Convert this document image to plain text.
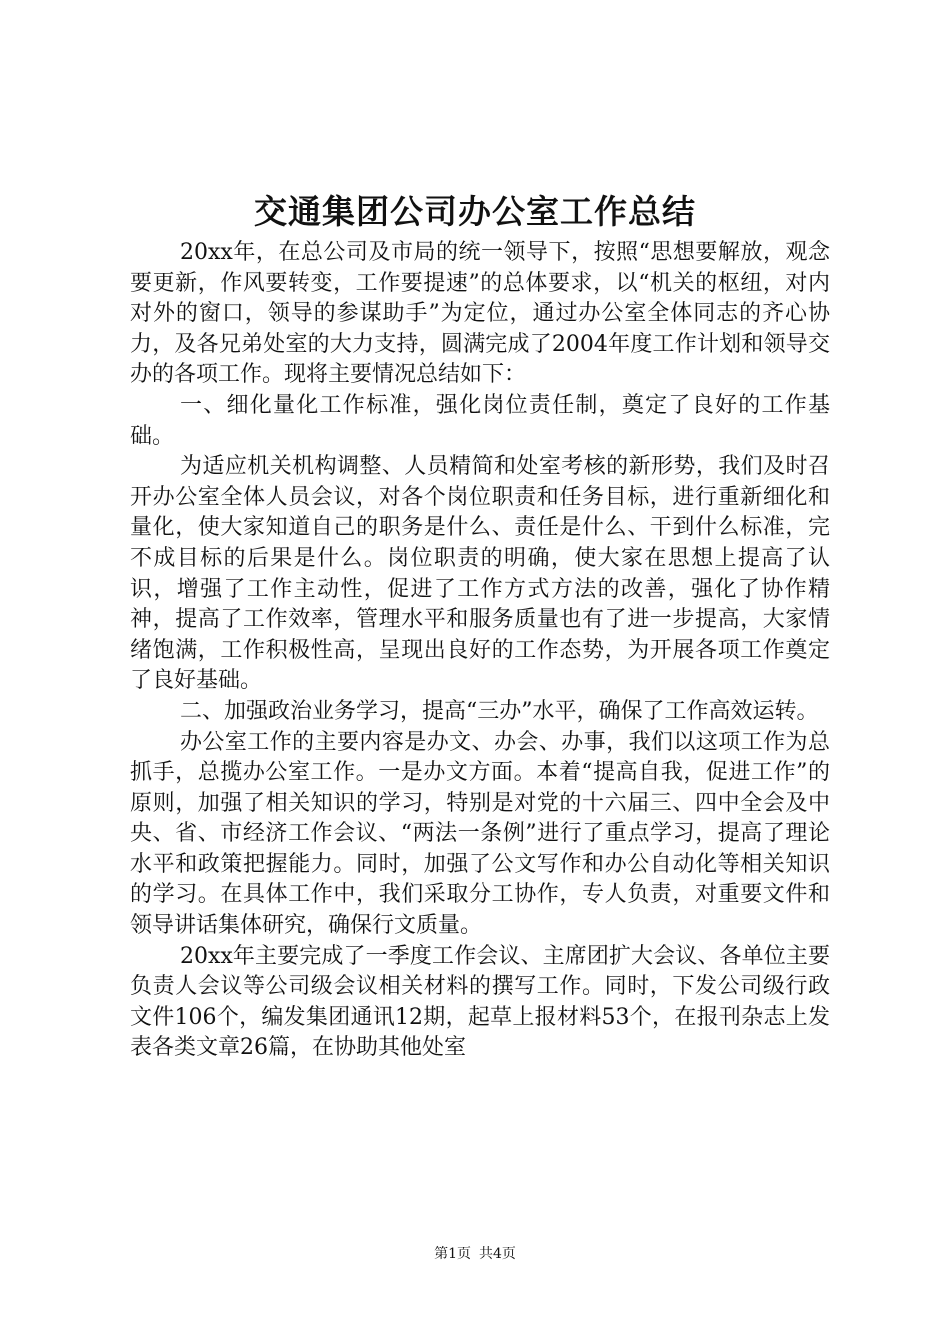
交通集团公司办公室工作总结

20xx年，在总公司及市局的统一领导下，按照“思想要解放，观念要更新，作风要转变，工作要提速”的总体要求，以“机关的枢纽，对内对外的窗口，领导的参谋助手”为定位，通过办公室全体同志的齐心协力，及各兄弟处室的大力支持，圆满完成了2004年度工作计划和领导交办的各项工作。现将主要情况总结如下：

一、细化量化工作标准，强化岗位责任制，奠定了良好的工作基础。

为适应机关机构调整、人员精简和处室考核的新形势，我们及时召开办公室全体人员会议，对各个岗位职责和任务目标，进行重新细化和量化，使大家知道自己的职务是什么、责任是什么、干到什么标准，完不成目标的后果是什么。岗位职责的明确，使大家在思想上提高了认识，增强了工作主动性，促进了工作方式方法的改善，强化了协作精神，提高了工作效率，管理水平和服务质量也有了进一步提高，大家情绪饱满，工作积极性高，呈现出良好的工作态势，为开展各项工作奠定了良好基础。

二、加强政治业务学习，提高“三办”水平，确保了工作高效运转。

办公室工作的主要内容是办文、办会、办事，我们以这项工作为总抓手，总揽办公室工作。一是办文方面。本着“提高自我，促进工作”的原则，加强了相关知识的学习，特别是对党的十六届三、四中全会及中央、省、市经济工作会议、“两法一条例”进行了重点学习，提高了理论水平和政策把握能力。同时，加强了公文写作和办公自动化等相关知识的学习。在具体工作中，我们采取分工协作，专人负责，对重要文件和领导讲话集体研究，确保行文质量。

20xx年主要完成了一季度工作会议、主席团扩大会议、各单位主要负责人会议等公司级会议相关材料的撰写工作。同时，下发公司级行政文件106个，编发集团通讯12期，起草上报材料53个，在报刊杂志上发表各类文章26篇，在协助其他处室

第1页 共4页
